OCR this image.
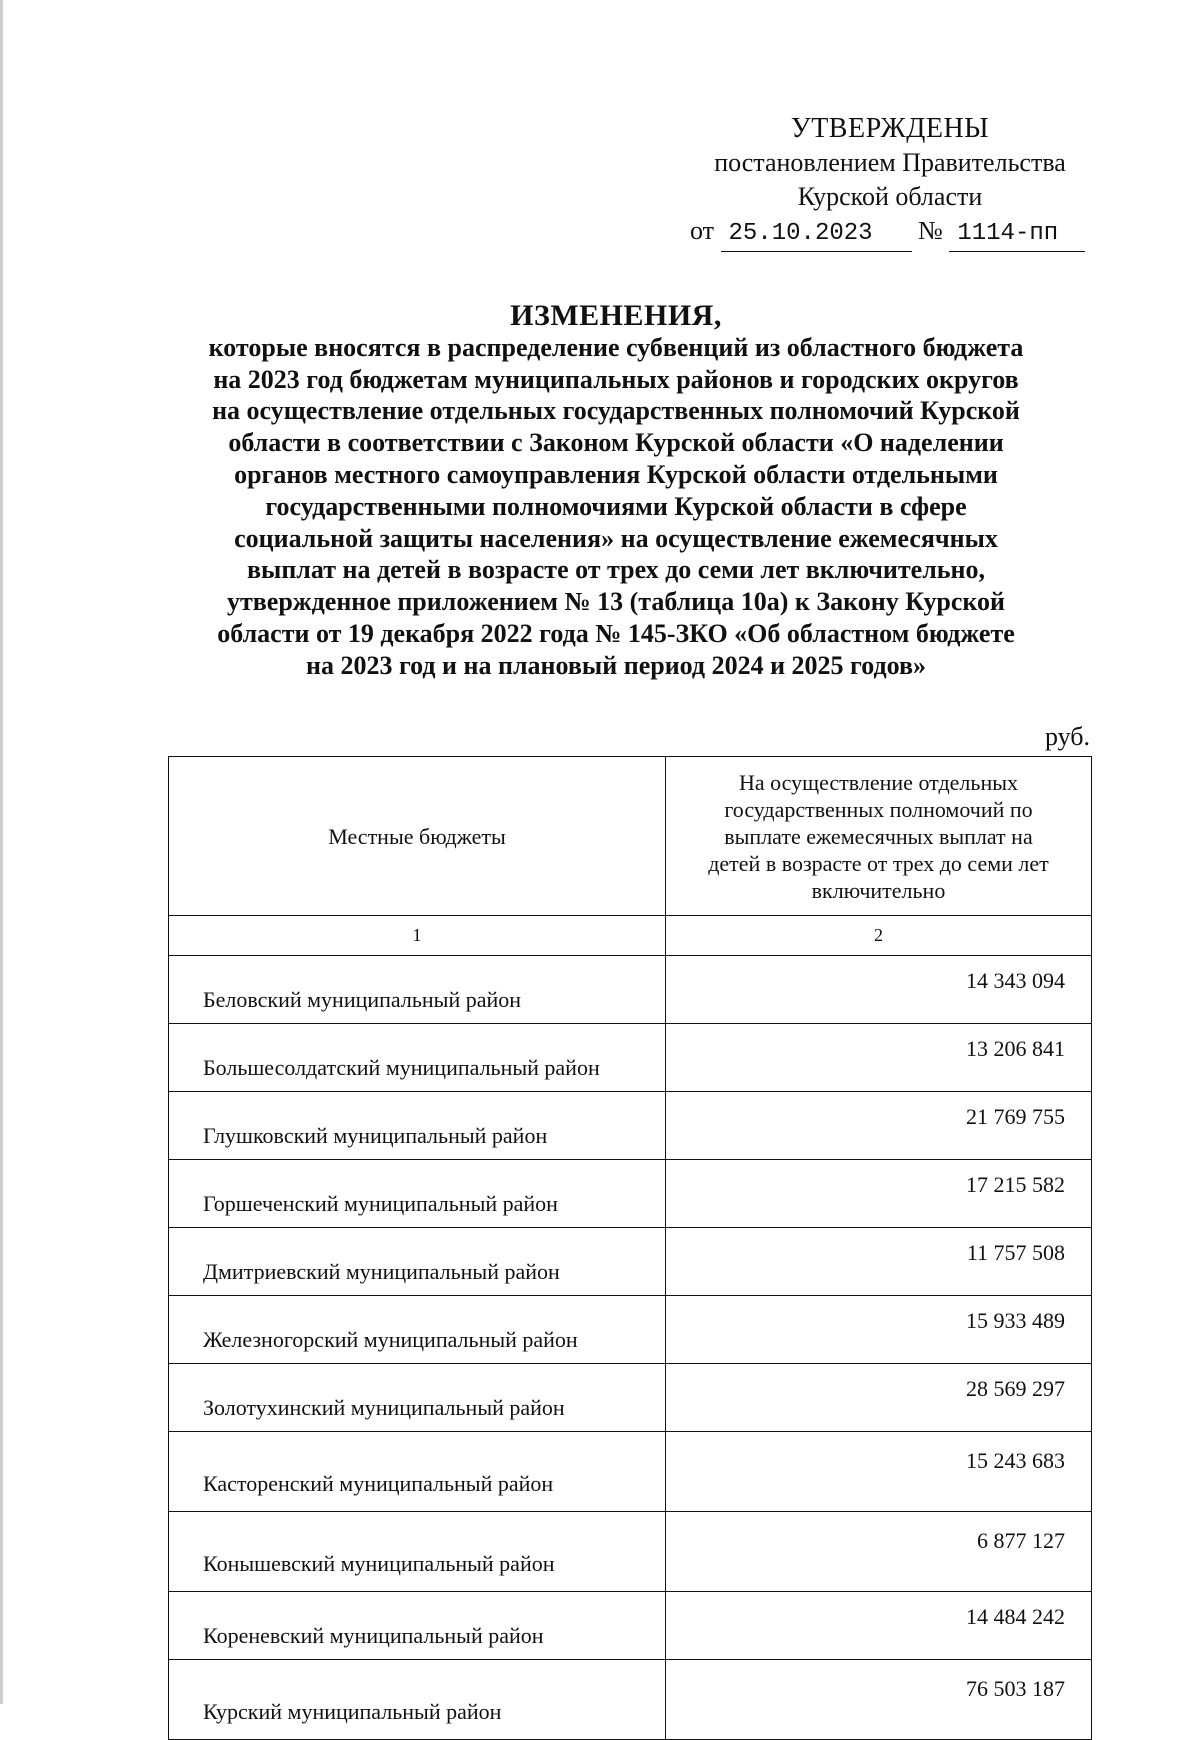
УТВЕРЖДЕНЫ
постановлением Правительства
Курской области
от 25.10.2023 № 1114-пп
ИЗМЕНЕНИЯ,
которые вносятся в распределение субвенций из областного бюджета
на 2023 год бюджетам муниципальных районов и городских округов
на осуществление отдельных государственных полномочий Курской
области в соответствии с Законом Курской области «О наделении
органов местного самоуправления Курской области отдельными
государственными полномочиями Курской области в сфере
социальной защиты населения» на осуществление ежемесячных
выплат на детей в возрасте от трех до семи лет включительно,
утвержденное приложением № 13 (таблица 10а) к Закону Курской
области от 19 декабря 2022 года № 145-ЗКО «Об областном бюджете
на 2023 год и на плановый период 2024 и 2025 годов»
руб.
Местные бюджеты	На осуществление отдельных
государственных полномочий по
выплате ежемесячных выплат на
детей в возрасте от трех до семи лет
включительно

1	2
Беловский муниципальный район	14 343 094
Большесолдатский муниципальный район	13 206 841
Глушковский муниципальный район	21 769 755
Горшеченский муниципальный район	17 215 582
Дмитриевский муниципальный район	11 757 508
Железногорский муниципальный район	15 933 489
Золотухинский муниципальный район	28 569 297
Касторенский муниципальный район	15 243 683
Конышевский муниципальный район	6 877 127
Кореневский муниципальный район	14 484 242
Курский муниципальный район	76 503 187
